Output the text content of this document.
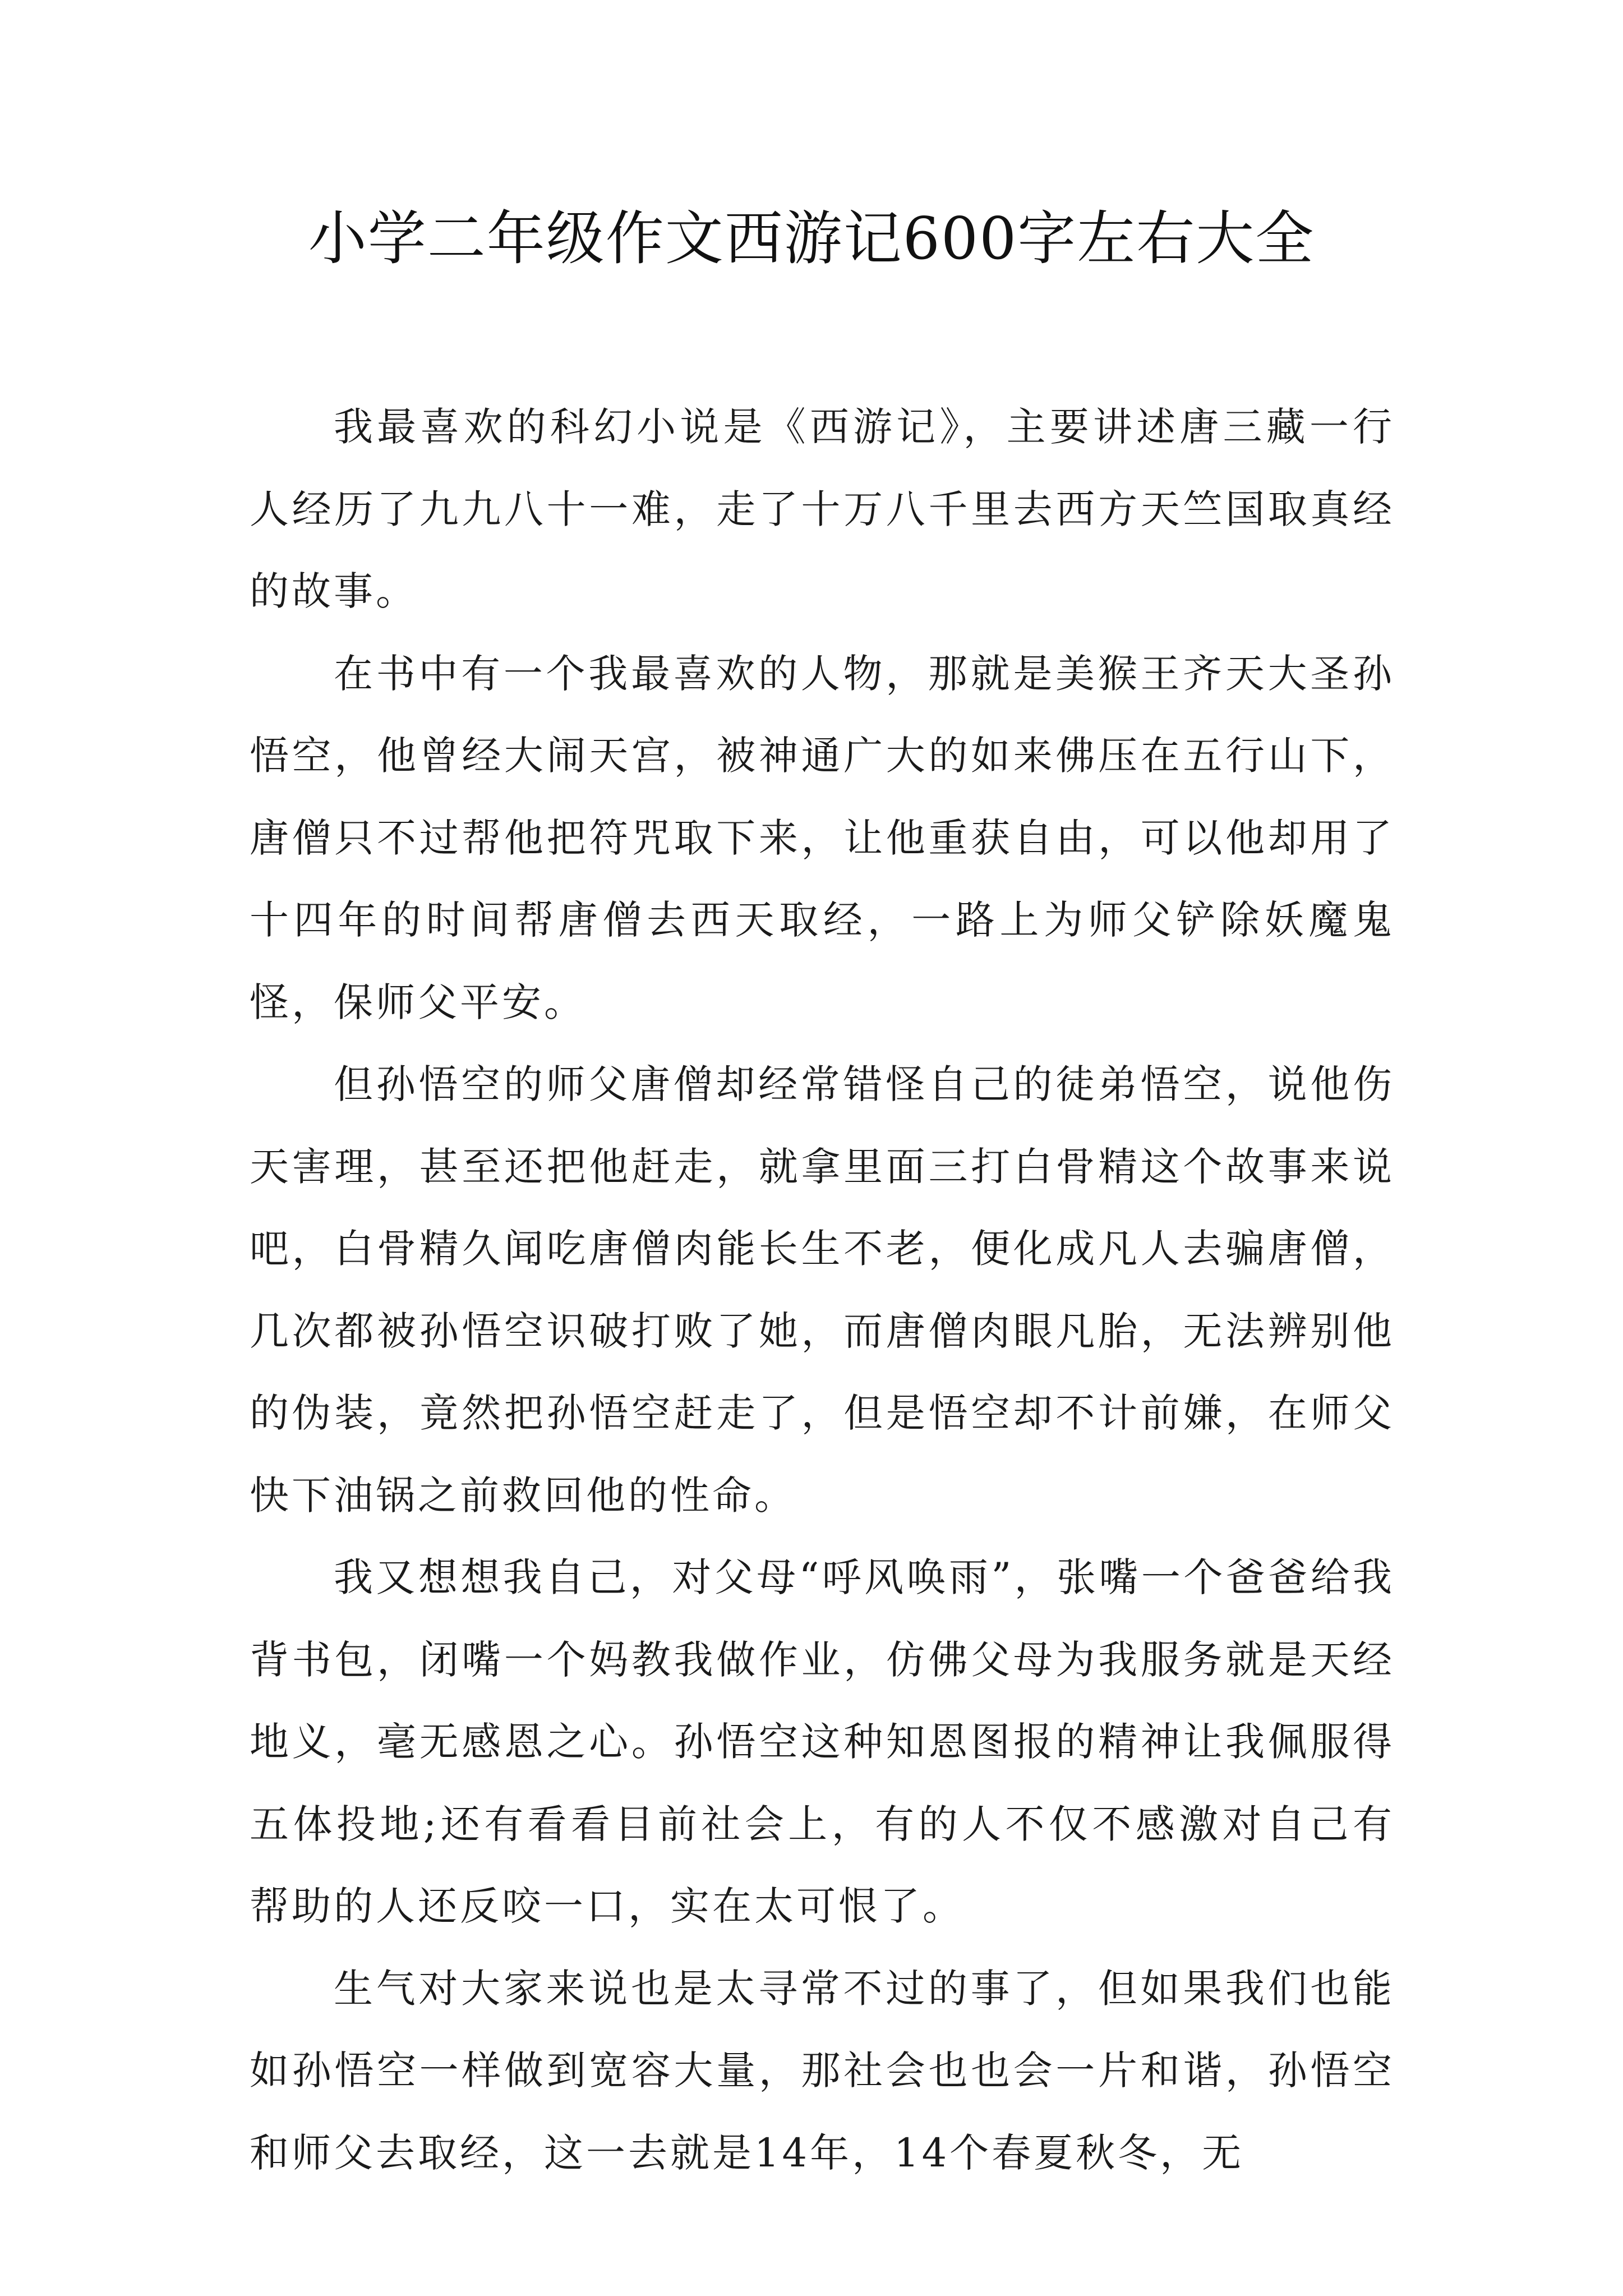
小学二年级作文西游记600字左右大全

我最喜欢的科幻小说是《西游记》，主要讲述唐三藏一行人经历了九九八十一难，走了十万八千里去西方天竺国取真经的故事。

在书中有一个我最喜欢的人物，那就是美猴王齐天大圣孙悟空，他曾经大闹天宫，被神通广大的如来佛压在五行山下，唐僧只不过帮他把符咒取下来，让他重获自由，可以他却用了十四年的时间帮唐僧去西天取经，一路上为师父铲除妖魔鬼怪，保师父平安。

但孙悟空的师父唐僧却经常错怪自己的徒弟悟空，说他伤天害理，甚至还把他赶走，就拿里面三打白骨精这个故事来说吧，白骨精久闻吃唐僧肉能长生不老，便化成凡人去骗唐僧，几次都被孙悟空识破打败了她，而唐僧肉眼凡胎，无法辨别他的伪装，竟然把孙悟空赶走了，但是悟空却不计前嫌，在师父快下油锅之前救回他的性命。

我又想想我自己，对父母“呼风唤雨”，张嘴一个爸爸给我背书包，闭嘴一个妈教我做作业，仿佛父母为我服务就是天经地义，毫无感恩之心。孙悟空这种知恩图报的精神让我佩服得五体投地;还有看看目前社会上，有的人不仅不感激对自己有帮助的人还反咬一口，实在太可恨了。

生气对大家来说也是太寻常不过的事了，但如果我们也能如孙悟空一样做到宽容大量，那社会也也会一片和谐，孙悟空和师父去取经，这一去就是14年，14个春夏秋冬，无
